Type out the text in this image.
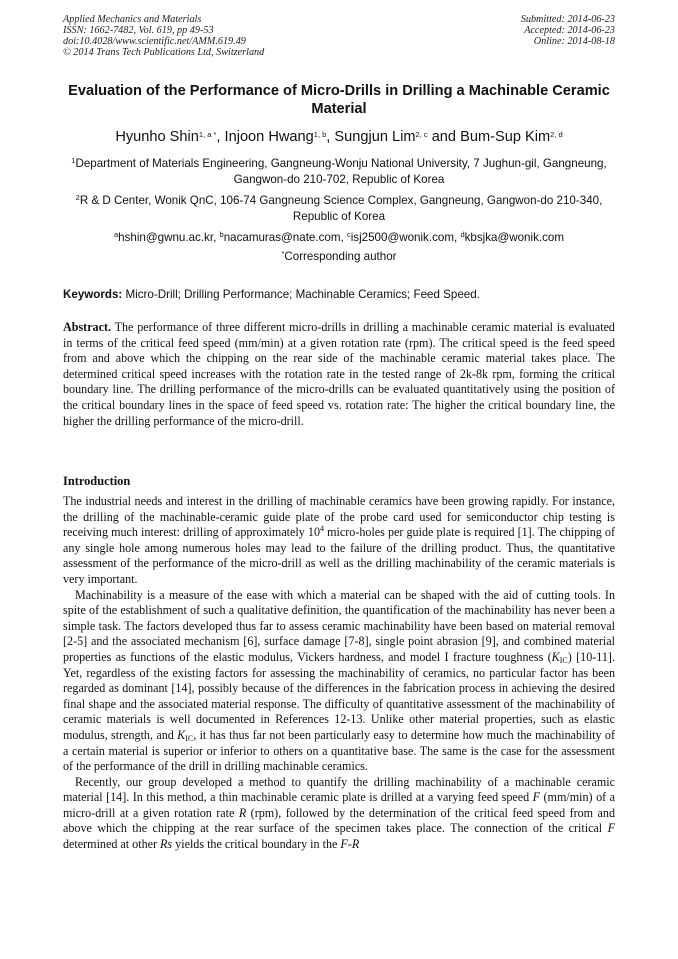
Applied Mechanics and Materials
ISSN: 1662-7482, Vol. 619, pp 49-53
doi:10.4028/www.scientific.net/AMM.619.49
© 2014 Trans Tech Publications Ltd, Switzerland
Submitted: 2014-06-23
Accepted: 2014-06-23
Online: 2014-08-18
Evaluation of the Performance of Micro-Drills in Drilling a Machinable Ceramic Material
Hyunho Shin$^{1, a *}$, Injoon Hwang$^{1, b}$, Sungjun Lim$^{2, c}$ and Bum-Sup Kim$^{2, d}$
$^1$Department of Materials Engineering, Gangneung-Wonju National University, 7 Jughun-gil, Gangneung, Gangwon-do 210-702, Republic of Korea
$^2$R & D Center, Wonik QnC, 106-74 Gangneung Science Complex, Gangneung, Gangwon-do 210-340, Republic of Korea
$^a$hshin@gwnu.ac.kr, $^b$nacamuras@nate.com, $^c$isj2500@wonik.com, $^d$kbsjka@wonik.com
*Corresponding author
Keywords: Micro-Drill; Drilling Performance; Machinable Ceramics; Feed Speed.

Abstract. The performance of three different micro-drills in drilling a machinable ceramic material is evaluated in terms of the critical feed speed (mm/min) at a given rotation rate (rpm). The critical speed is the feed speed from and above which the chipping on the rear side of the machinable ceramic material takes place. The determined critical speed increases with the rotation rate in the tested range of 2k-8k rpm, forming the critical boundary line. The drilling performance of the micro-drills can be evaluated quantitatively using the position of the critical boundary lines in the space of feed speed vs. rotation rate: The higher the critical boundary line, the higher the drilling performance of the micro-drill.

Introduction

The industrial needs and interest in the drilling of machinable ceramics have been growing rapidly. For instance, the drilling of the machinable-ceramic guide plate of the probe card used for semiconductor chip testing is receiving much interest: drilling of approximately $10^4$ micro-holes per guide plate is required [1]. The chipping of any single hole among numerous holes may lead to the failure of the drilling product. Thus, the quantitative assessment of the performance of the micro-drill as well as the drilling machinability of the ceramic materials is very important.

Machinability is a measure of the ease with which a material can be shaped with the aid of cutting tools. In spite of the establishment of such a qualitative definition, the quantification of the machinability has never been a simple task. The factors developed thus far to assess ceramic machinability have been based on material removal [2-5] and the associated mechanism [6], surface damage [7-8], single point abrasion [9], and combined material properties as functions of the elastic modulus, Vickers hardness, and model I fracture toughness $(K_{IC})$ [10-11]. Yet, regardless of the existing factors for assessing the machinability of ceramics, no particular factor has been regarded as dominant [14], possibly because of the differences in the fabrication process in achieving the desired final shape and the associated material response. The difficulty of quantitative assessment of the machinability of ceramic materials is well documented in References 12-13. Unlike other material properties, such as elastic modulus, strength, and $K_{IC}$, it has thus far not been particularly easy to determine how much the machinability of a certain material is superior or inferior to others on a quantitative base. The same is the case for the assessment of the performance of the drill in drilling machinable ceramics.

Recently, our group developed a method to quantify the drilling machinability of a machinable ceramic material [14]. In this method, a thin machinable ceramic plate is drilled at a varying feed speed F (mm/min) of a micro-drill at a given rotation rate R (rpm), followed by the determination of the critical feed speed from and above which the chipping at the rear surface of the specimen takes place. The connection of the critical F determined at other Rs yields the critical boundary in the F-R
